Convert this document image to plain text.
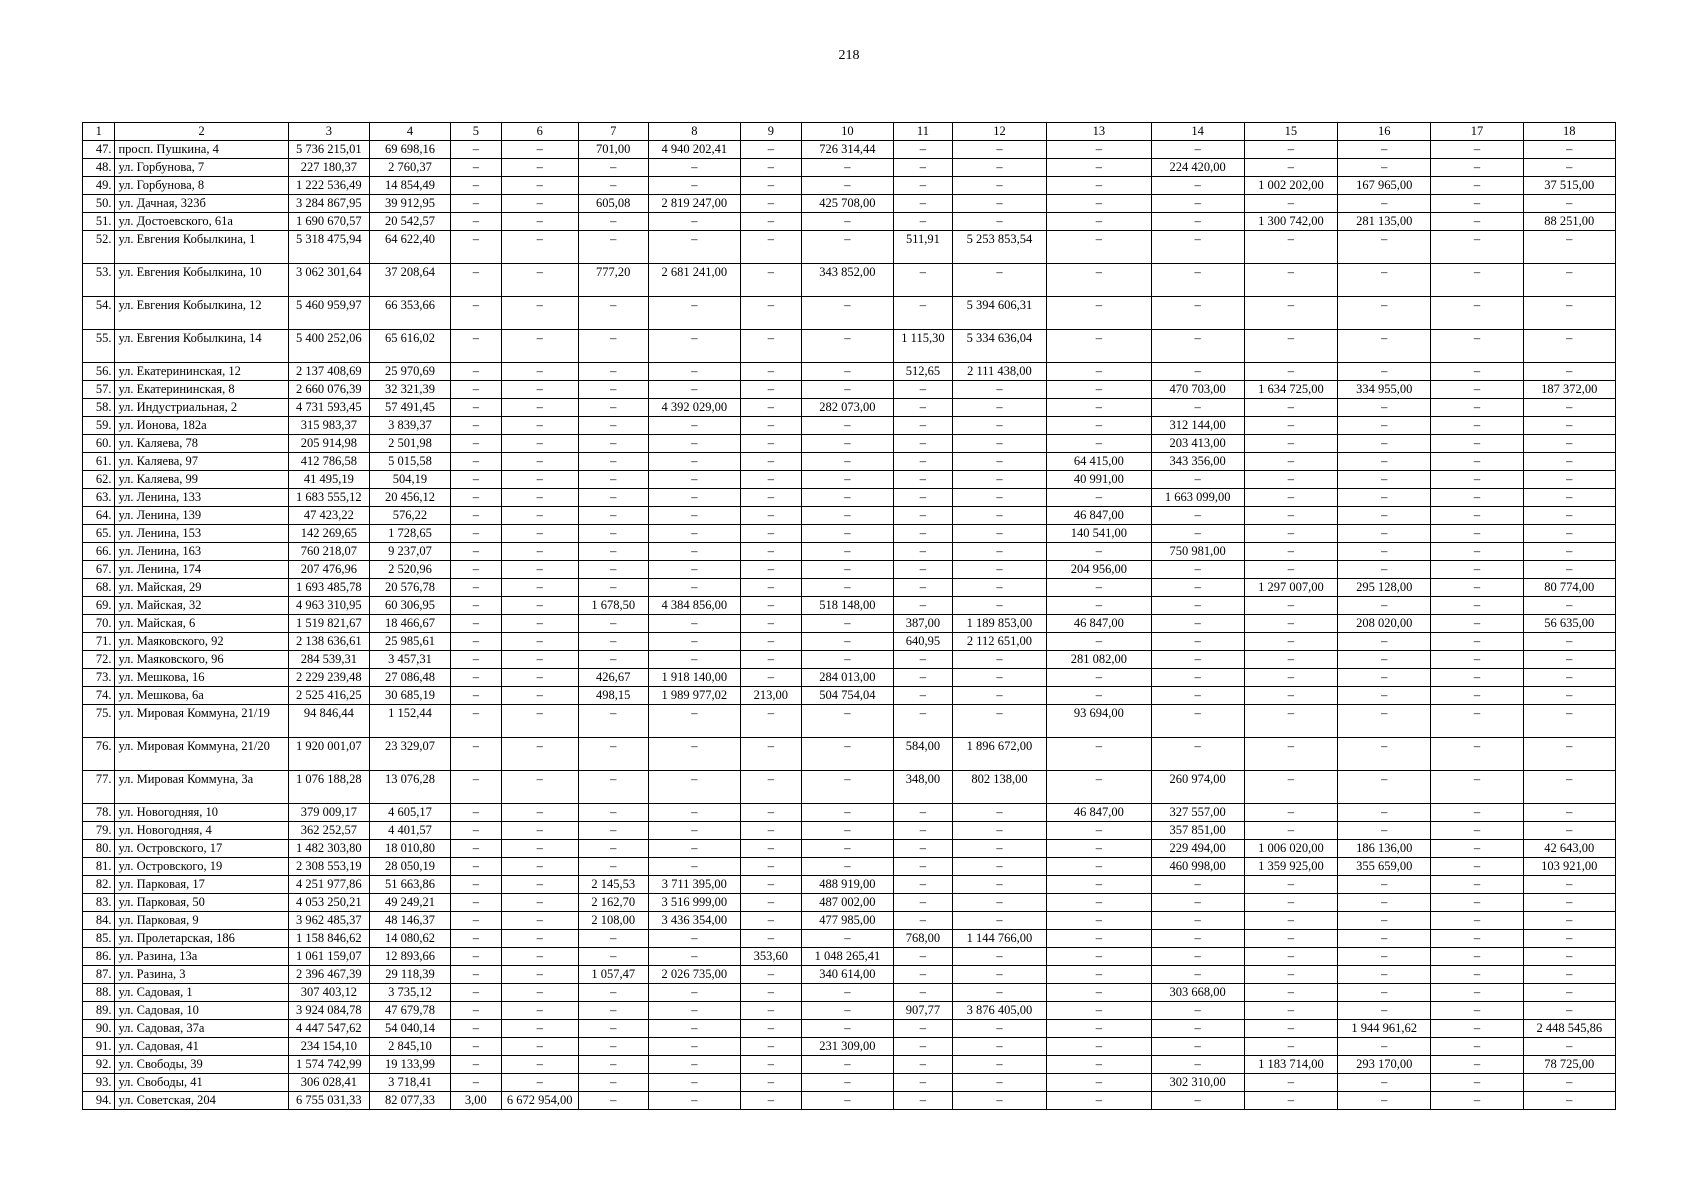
218
1	2	3	4	5	6	7	8	9	10	11	12	13	14	15	16	17	18
47.	просп. Пушкина, 4	5 736 215,01	69 698,16	–	–	701,00	4 940 202,41	–	726 314,44	–	–	–	–	–	–	–	–
48.	ул. Горбунова, 7	227 180,37	2 760,37	–	–	–	–	–	–	–	–	–	224 420,00	–	–	–	–
49.	ул. Горбунова, 8	1 222 536,49	14 854,49	–	–	–	–	–	–	–	–	–	–	1 002 202,00	167 965,00	–	37 515,00
50.	ул. Дачная, 323б	3 284 867,95	39 912,95	–	–	605,08	2 819 247,00	–	425 708,00	–	–	–	–	–	–	–	–
51.	ул. Достоевского, 61а	1 690 670,57	20 542,57	–	–	–	–	–	–	–	–	–	–	1 300 742,00	281 135,00	–	88 251,00
52.	ул. Евгения Кобылкина, 1	5 318 475,94	64 622,40	–	–	–	–	–	–	511,91	5 253 853,54	–	–	–	–	–	–
53.	ул. Евгения Кобылкина, 10	3 062 301,64	37 208,64	–	–	777,20	2 681 241,00	–	343 852,00	–	–	–	–	–	–	–	–
54.	ул. Евгения Кобылкина, 12	5 460 959,97	66 353,66	–	–	–	–	–	–	–	5 394 606,31	–	–	–	–	–	–
55.	ул. Евгения Кобылкина, 14	5 400 252,06	65 616,02	–	–	–	–	–	–	1 115,30	5 334 636,04	–	–	–	–	–	–
56.	ул. Екатерининская, 12	2 137 408,69	25 970,69	–	–	–	–	–	–	512,65	2 111 438,00	–	–	–	–	–	–
57.	ул. Екатерининская, 8	2 660 076,39	32 321,39	–	–	–	–	–	–	–	–	–	470 703,00	1 634 725,00	334 955,00	–	187 372,00
58.	ул. Индустриальная, 2	4 731 593,45	57 491,45	–	–	–	4 392 029,00	–	282 073,00	–	–	–	–	–	–	–	–
59.	ул. Ионова, 182а	315 983,37	3 839,37	–	–	–	–	–	–	–	–	–	312 144,00	–	–	–	–
60.	ул. Каляева, 78	205 914,98	2 501,98	–	–	–	–	–	–	–	–	–	203 413,00	–	–	–	–
61.	ул. Каляева, 97	412 786,58	5 015,58	–	–	–	–	–	–	–	–	64 415,00	343 356,00	–	–	–	–
62.	ул. Каляева, 99	41 495,19	504,19	–	–	–	–	–	–	–	–	40 991,00	–	–	–	–	–
63.	ул. Ленина, 133	1 683 555,12	20 456,12	–	–	–	–	–	–	–	–	–	1 663 099,00	–	–	–	–
64.	ул. Ленина, 139	47 423,22	576,22	–	–	–	–	–	–	–	–	46 847,00	–	–	–	–	–
65.	ул. Ленина, 153	142 269,65	1 728,65	–	–	–	–	–	–	–	–	140 541,00	–	–	–	–	–
66.	ул. Ленина, 163	760 218,07	9 237,07	–	–	–	–	–	–	–	–	–	750 981,00	–	–	–	–
67.	ул. Ленина, 174	207 476,96	2 520,96	–	–	–	–	–	–	–	–	204 956,00	–	–	–	–	–
68.	ул. Майская, 29	1 693 485,78	20 576,78	–	–	–	–	–	–	–	–	–	–	1 297 007,00	295 128,00	–	80 774,00
69.	ул. Майская, 32	4 963 310,95	60 306,95	–	–	1 678,50	4 384 856,00	–	518 148,00	–	–	–	–	–	–	–	–
70.	ул. Майская, 6	1 519 821,67	18 466,67	–	–	–	–	–	–	387,00	1 189 853,00	46 847,00	–	–	208 020,00	–	56 635,00
71.	ул. Маяковского, 92	2 138 636,61	25 985,61	–	–	–	–	–	–	640,95	2 112 651,00	–	–	–	–	–	–
72.	ул. Маяковского, 96	284 539,31	3 457,31	–	–	–	–	–	–	–	–	281 082,00	–	–	–	–	–
73.	ул. Мешкова, 16	2 229 239,48	27 086,48	–	–	426,67	1 918 140,00	–	284 013,00	–	–	–	–	–	–	–	–
74.	ул. Мешкова, 6а	2 525 416,25	30 685,19	–	–	498,15	1 989 977,02	213,00	504 754,04	–	–	–	–	–	–	–	–
75.	ул. Мировая Коммуна, 21/19	94 846,44	1 152,44	–	–	–	–	–	–	–	–	93 694,00	–	–	–	–	–
76.	ул. Мировая Коммуна, 21/20	1 920 001,07	23 329,07	–	–	–	–	–	–	584,00	1 896 672,00	–	–	–	–	–	–
77.	ул. Мировая Коммуна, 3а	1 076 188,28	13 076,28	–	–	–	–	–	–	348,00	802 138,00	–	260 974,00	–	–	–	–
78.	ул. Новогодняя, 10	379 009,17	4 605,17	–	–	–	–	–	–	–	–	46 847,00	327 557,00	–	–	–	–
79.	ул. Новогодняя, 4	362 252,57	4 401,57	–	–	–	–	–	–	–	–	–	357 851,00	–	–	–	–
80.	ул. Островского, 17	1 482 303,80	18 010,80	–	–	–	–	–	–	–	–	–	229 494,00	1 006 020,00	186 136,00	–	42 643,00
81.	ул. Островского, 19	2 308 553,19	28 050,19	–	–	–	–	–	–	–	–	–	460 998,00	1 359 925,00	355 659,00	–	103 921,00
82.	ул. Парковая, 17	4 251 977,86	51 663,86	–	–	2 145,53	3 711 395,00	–	488 919,00	–	–	–	–	–	–	–	–
83.	ул. Парковая, 50	4 053 250,21	49 249,21	–	–	2 162,70	3 516 999,00	–	487 002,00	–	–	–	–	–	–	–	–
84.	ул. Парковая, 9	3 962 485,37	48 146,37	–	–	2 108,00	3 436 354,00	–	477 985,00	–	–	–	–	–	–	–	–
85.	ул. Пролетарская, 186	1 158 846,62	14 080,62	–	–	–	–	–	–	768,00	1 144 766,00	–	–	–	–	–	–
86.	ул. Разина, 13а	1 061 159,07	12 893,66	–	–	–	–	353,60	1 048 265,41	–	–	–	–	–	–	–	–
87.	ул. Разина, 3	2 396 467,39	29 118,39	–	–	1 057,47	2 026 735,00	–	340 614,00	–	–	–	–	–	–	–	–
88.	ул. Садовая, 1	307 403,12	3 735,12	–	–	–	–	–	–	–	–	–	303 668,00	–	–	–	–
89.	ул. Садовая, 10	3 924 084,78	47 679,78	–	–	–	–	–	–	907,77	3 876 405,00	–	–	–	–	–	–
90.	ул. Садовая, 37а	4 447 547,62	54 040,14	–	–	–	–	–	–	–	–	–	–	–	1 944 961,62	–	2 448 545,86
91.	ул. Садовая, 41	234 154,10	2 845,10	–	–	–	–	–	231 309,00	–	–	–	–	–	–	–	–
92.	ул. Свободы, 39	1 574 742,99	19 133,99	–	–	–	–	–	–	–	–	–	–	1 183 714,00	293 170,00	–	78 725,00
93.	ул. Свободы, 41	306 028,41	3 718,41	–	–	–	–	–	–	–	–	–	302 310,00	–	–	–	–
94.	ул. Советская, 204	6 755 031,33	82 077,33	3,00	6 672 954,00	–	–	–	–	–	–	–	–	–	–	–	–
